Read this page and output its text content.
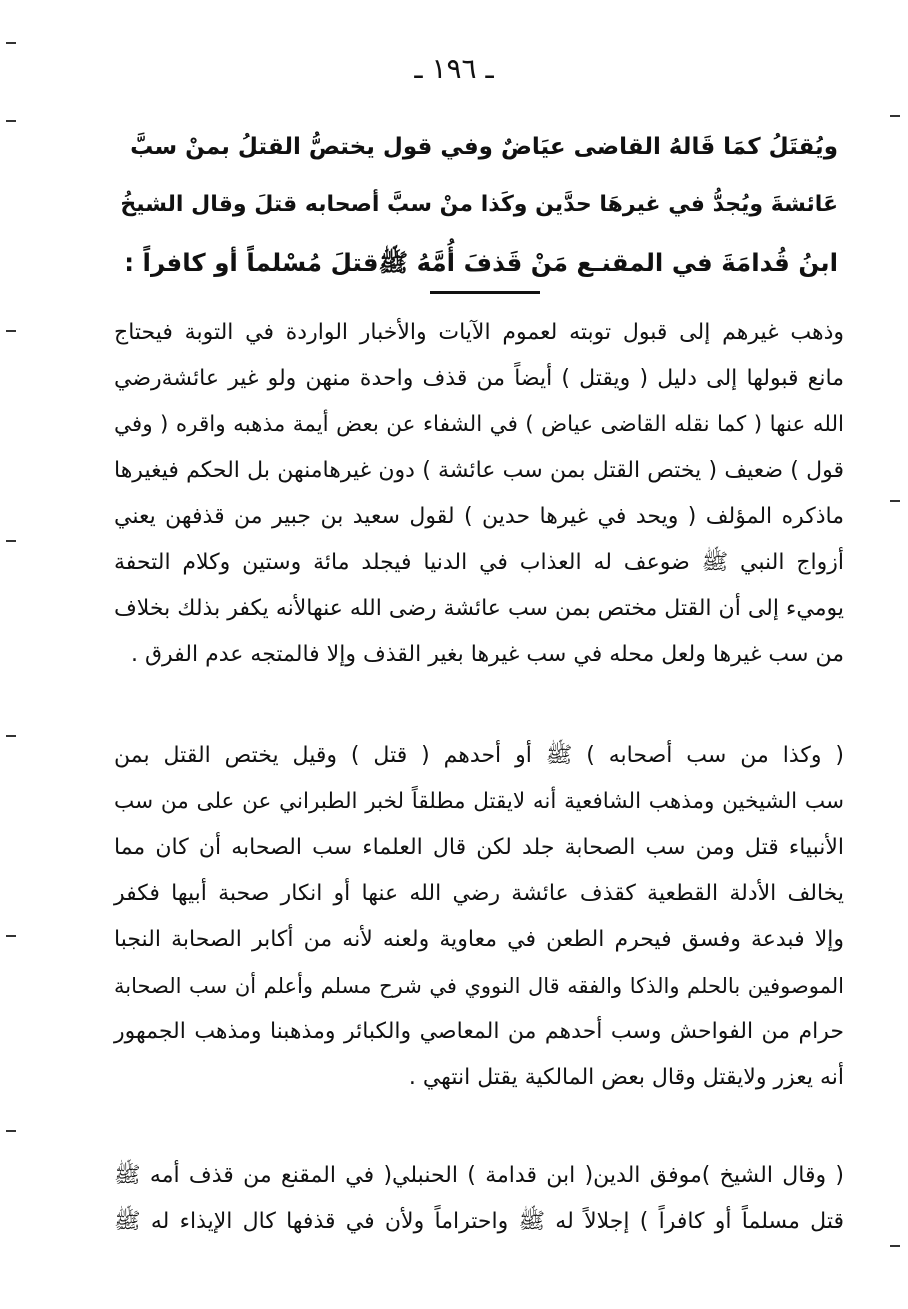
ـ ١٩٦ ـ
ويُقتَلُ كمَا قَالهُ القاضى عيَاضٌ وفي قول يختصُّ القتلُ بمنْ سبَّ
عَائشةَ ويُجدُّ في غيرهَا حدَّين وكَذا منْ سبَّ أصحابه قتلَ وقال الشيخُ
ابنُ قُدامَةَ في المقنـع مَنْ قَذفَ أُمَّهُ ﷺقتلَ مُسْلماً أو كافراً :
وذهب غيرهم إلى قبول توبته لعموم الآيات والأخبار الواردة في التوبة فيحتاج
مانع قبولها إلى دليل ( ويقتل ) أيضاً من قذف واحدة منهن ولو غير عائشةرضي
الله عنها ( كما نقله القاضى عياض ) في الشفاء عن بعض أيمة مذهبه واقره ( وفي
قول ) ضعيف ( يختص القتل بمن سب عائشة ) دون غيرهامنهن بل الحكم فيغيرها
ماذكره المؤلف ( ويحد في غيرها حدين ) لقول سعيد بن جبير من قذفهن يعني
أزواج النبي ﷺ ضوعف له العذاب في الدنيا فيجلد مائة وستين وكلام التحفة
يوميء إلى أن القتل مختص بمن سب عائشة رضى الله عنهالأنه يكفر بذلك بخلاف
من سب غيرها ولعل محله في سب غيرها بغير القذف وإلا فالمتجه عدم الفرق .
( وكذا من سب أصحابه ) ﷺ أو أحدهم ( قتل ) وقيل يختص القتل بمن
سب الشيخين ومذهب الشافعية أنه لايقتل مطلقاً لخبر الطبراني عن على من سب
الأنبياء قتل ومن سب الصحابة جلد لكن قال العلماء سب الصحابه أن كان مما
يخالف الأدلة القطعية كقذف عائشة رضي الله عنها أو انكار صحبة أبيها فكفر
وإلا فبدعة وفسق فيحرم الطعن في معاوية ولعنه لأنه من أكابر الصحابة النجبا
الموصوفين بالحلم والذكا والفقه قال النووي في شرح مسلم وأعلم أن سب الصحابة
حرام من الفواحش وسب أحدهم من المعاصي والكبائر ومذهبنا ومذهب الجمهور
أنه يعزر ولايقتل وقال بعض المالكية يقتل انتهي .
( وقال الشيخ )موفق الدين( ابن قدامة ) الحنبلي( في المقنع من قذف أمه ﷺ
قتل مسلماً أو كافراً ) إجلالاً له ﷺ واحتراماً ولأن في قذفها كال الإيذاء له ﷺ
